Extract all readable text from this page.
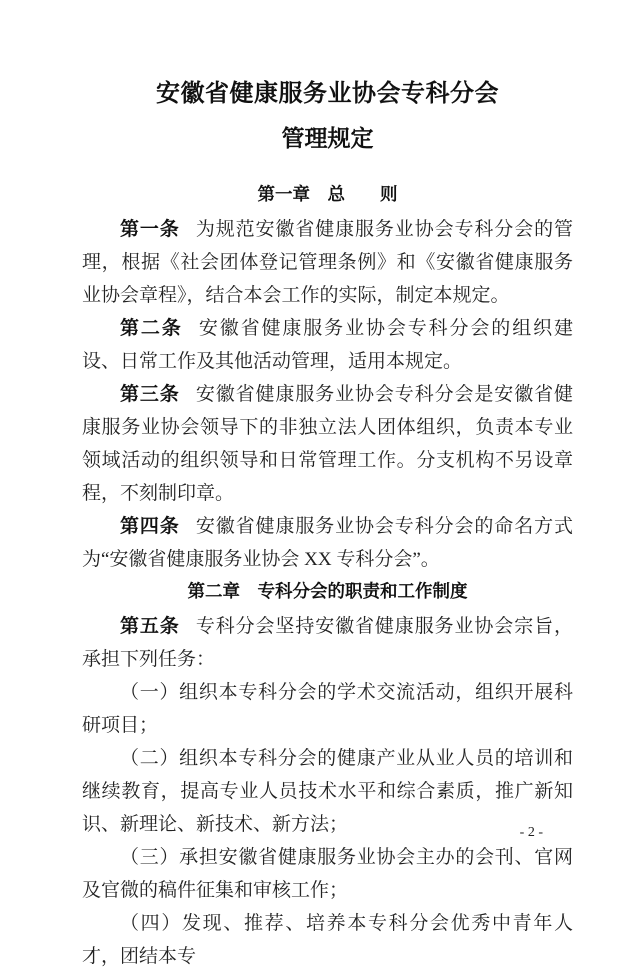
安徽省健康服务业协会专科分会
管理规定

第一章　总　　则

第一条 为规范安徽省健康服务业协会专科分会的管理，根据《社会团体登记管理条例》和《安徽省健康服务业协会章程》，结合本会工作的实际，制定本规定。

第二条 安徽省健康服务业协会专科分会的组织建设、日常工作及其他活动管理，适用本规定。

第三条 安徽省健康服务业协会专科分会是安徽省健康服务业协会领导下的非独立法人团体组织，负责本专业领域活动的组织领导和日常管理工作。分支机构不另设章程，不刻制印章。

第四条 安徽省健康服务业协会专科分会的命名方式为“安徽省健康服务业协会 XX 专科分会”。

第二章　专科分会的职责和工作制度

第五条 专科分会坚持安徽省健康服务业协会宗旨，承担下列任务：

（一）组织本专科分会的学术交流活动，组织开展科研项目；

（二）组织本专科分会的健康产业从业人员的培训和继续教育，提高专业人员技术水平和综合素质，推广新知识、新理论、新技术、新方法；

（三）承担安徽省健康服务业协会主办的会刊、官网及官微的稿件征集和审核工作；

（四）发现、推荐、培养本专科分会优秀中青年人才，团结本专

- 2 -
